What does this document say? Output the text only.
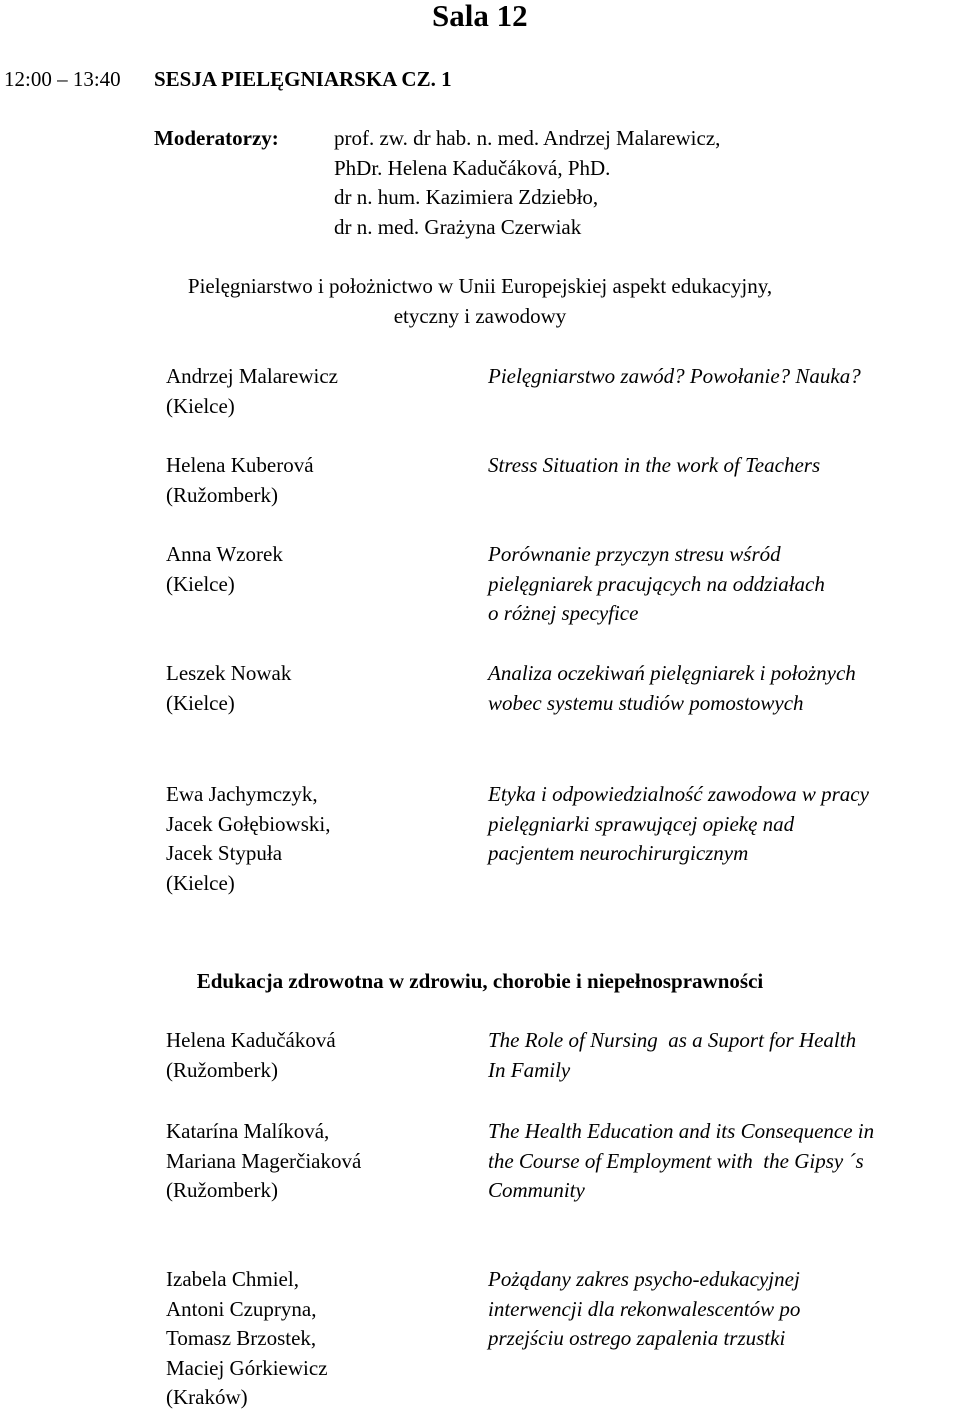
Sala 12
12:00 – 13:40 SESJA PIELĘGNIARSKA CZ. 1
Moderatorzy:	prof. zw. dr hab. n. med. Andrzej Malarewicz,
PhDr. Helena Kadučáková, PhD.
dr n. hum. Kazimiera Zdziebło,
dr n. med. Grażyna Czerwiak
Pielęgniarstwo i położnictwo w Unii Europejskiej aspekt edukacyjny,
etyczny i zawodowy
Andrzej Malarewicz
(Kielce)
Pielęgniarstwo zawód? Powołanie? Nauka?
Helena Kuberová
(Ružomberk)
Stress Situation in the work of Teachers
Anna Wzorek
(Kielce)
Porównanie przyczyn stresu wśród
pielęgniarek pracujących na oddziałach
o różnej specyfice
Leszek Nowak
(Kielce)
Analiza oczekiwań pielęgniarek i położnych
wobec systemu studiów pomostowych
Ewa Jachymczyk,
Jacek Gołębiowski,
Jacek Stypuła
(Kielce)
Etyka i odpowiedzialność zawodowa w pracy
pielęgniarki sprawującej opiekę nad
pacjentem neurochirurgicznym
Edukacja zdrowotna w zdrowiu, chorobie i niepełnosprawności
Helena Kadučáková
(Ružomberk)
The Role of Nursing  as a Suport for Health
In Family
Katarína Malíková,
Mariana Magerčiaková
(Ružomberk)
The Health Education and its Consequence in
the Course of Employment with  the Gipsy ´s
Community
Izabela Chmiel,
Antoni Czupryna,
Tomasz Brzostek,
Maciej Górkiewicz
(Kraków)
Pożądany zakres psycho-edukacyjnej
interwencji dla rekonwalescentów po
przejściu ostrego zapalenia trzustki
